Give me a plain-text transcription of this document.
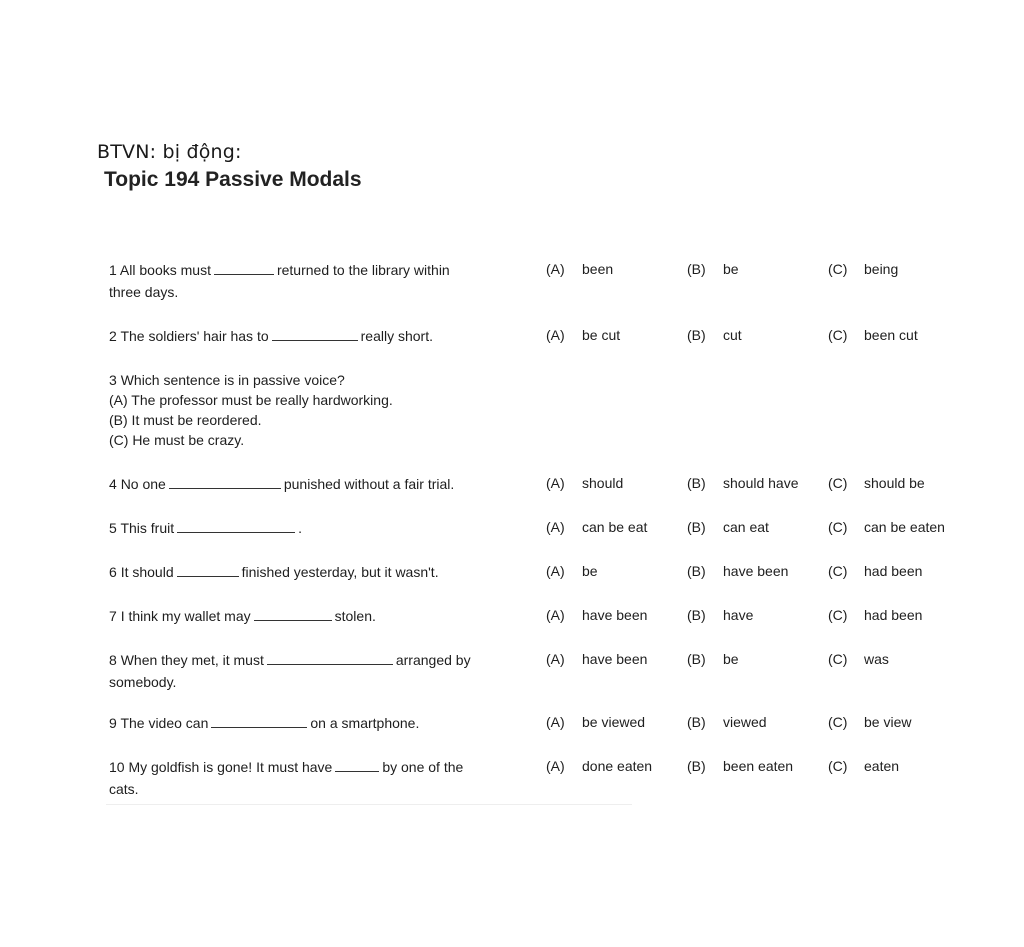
BTVN: bị động:
Topic 194 Passive Modals
1 All books must	returned to the library within
three days.
(A) been	(B) be	(C) being
2 The soldiers' hair has to	really short.	(A) be cut	(B) cut	(C) been cut
3 Which sentence is in passive voice?
(A) The professor must be really hardworking.
(B) It must be reordered.
(C) He must be crazy.
4 No one	punished without a fair trial.	(A) should	(B) should have (C) should be
5 This fruit	.	(A) can be eat	(B) can eat	(C) can be eaten
6 It should	finished yesterday, but it wasn't.	(A) be	(B) have been	(C) had been
7 I think my wallet may	stolen.	(A) have been	(B) have	(C) had been
8 When they met, it must	arranged by
somebody.
(A) have been	(B) be	(C) was
9 The video can	on a smartphone.	(A) be viewed	(B) viewed	(C) be view
10 My goldfish is gone! It must have	by one of the
cats.
(A) done eaten (B) been eaten (C) eaten
